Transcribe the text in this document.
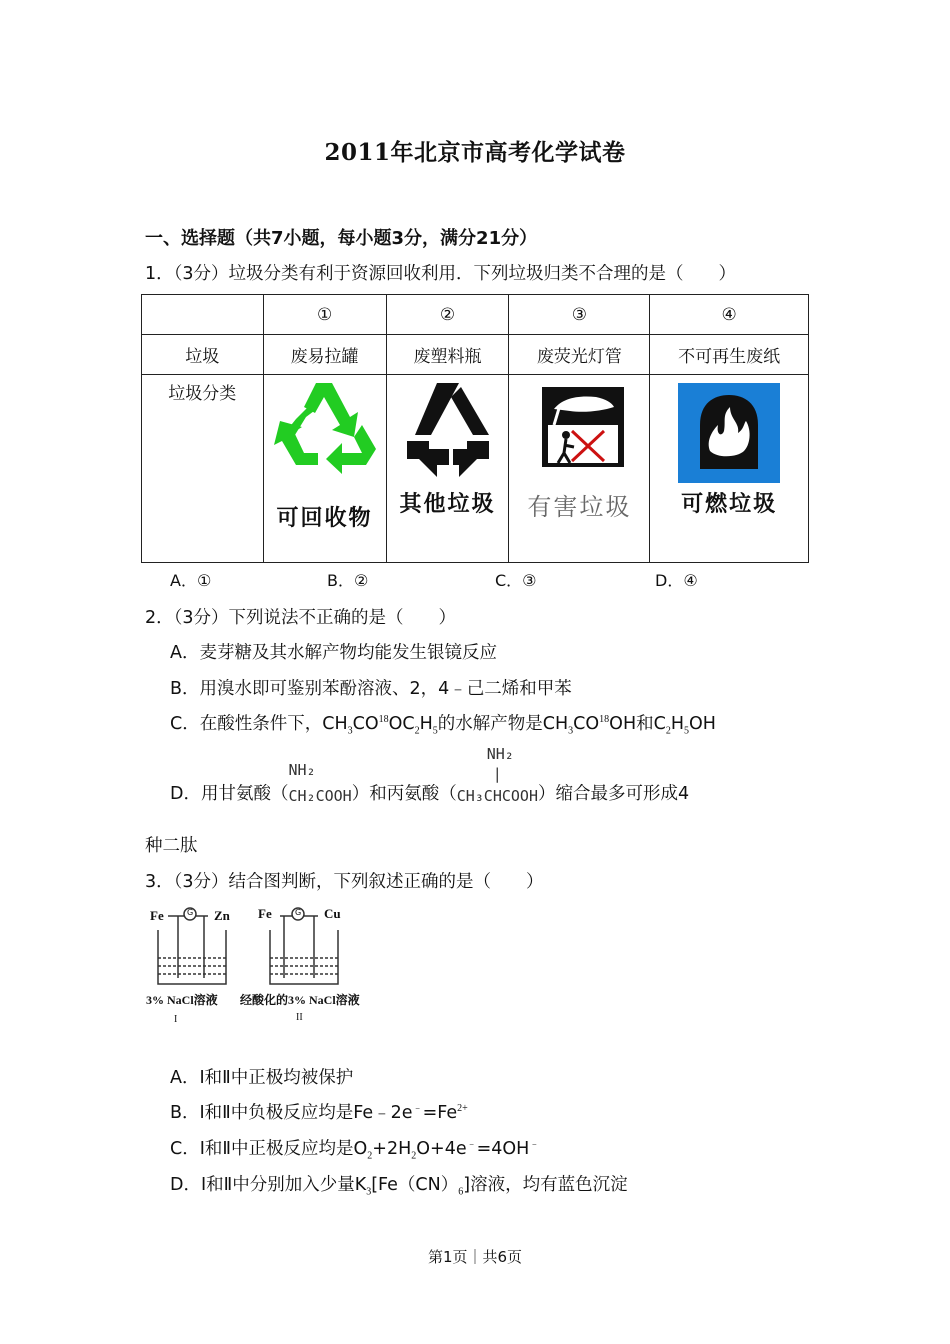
2011年北京市高考化学试卷
一、选择题（共7小题，每小题3分，满分21分）
1．（3分）垃圾分类有利于资源回收利用．下列垃圾归类不合理的是（　　）
	①	②	③	④
垃圾	废易拉罐	废塑料瓶	废荧光灯管	不可再生废纸
垃圾分类	可回收物	其他垃圾	有害垃圾	可燃垃圾
A．①	B．②	C．③	D．④
2．（3分）下列说法不正确的是（　　）
A．麦芽糖及其水解产物均能发生银镜反应
B．用溴水即可鉴别苯酚溶液、2，4﹣己二烯和甲苯
C．在酸性条件下，$CH_3CO^{18}OC_2H_5$的水解产物是$CH_3CO^{18}OH$和$C_2H_5OH$
D．用甘氨酸（
NH₂
CH₂COOH）和丙氨酸（
NH₂
|
CH₃CHCOOH）缩合最多可形成4
种二肽
3．（3分）结合图判断，下列叙述正确的是（　　）
Fe	Zn
G
3% NaCl溶液
I
Fe	Cu
G
经酸化的3% NaCl溶液
II
A．Ⅰ和Ⅱ中正极均被保护
B．Ⅰ和Ⅱ中负极反应均是$Fe﹣2e^﹣=Fe^{2+}$
C．Ⅰ和Ⅱ中正极反应均是$O_2+2H_2O+4e^﹣=4OH^﹣$
D．Ⅰ和Ⅱ中分别加入少量$K_3[Fe(CN)_6]$溶液，均有蓝色沉淀
第1页｜共6页
